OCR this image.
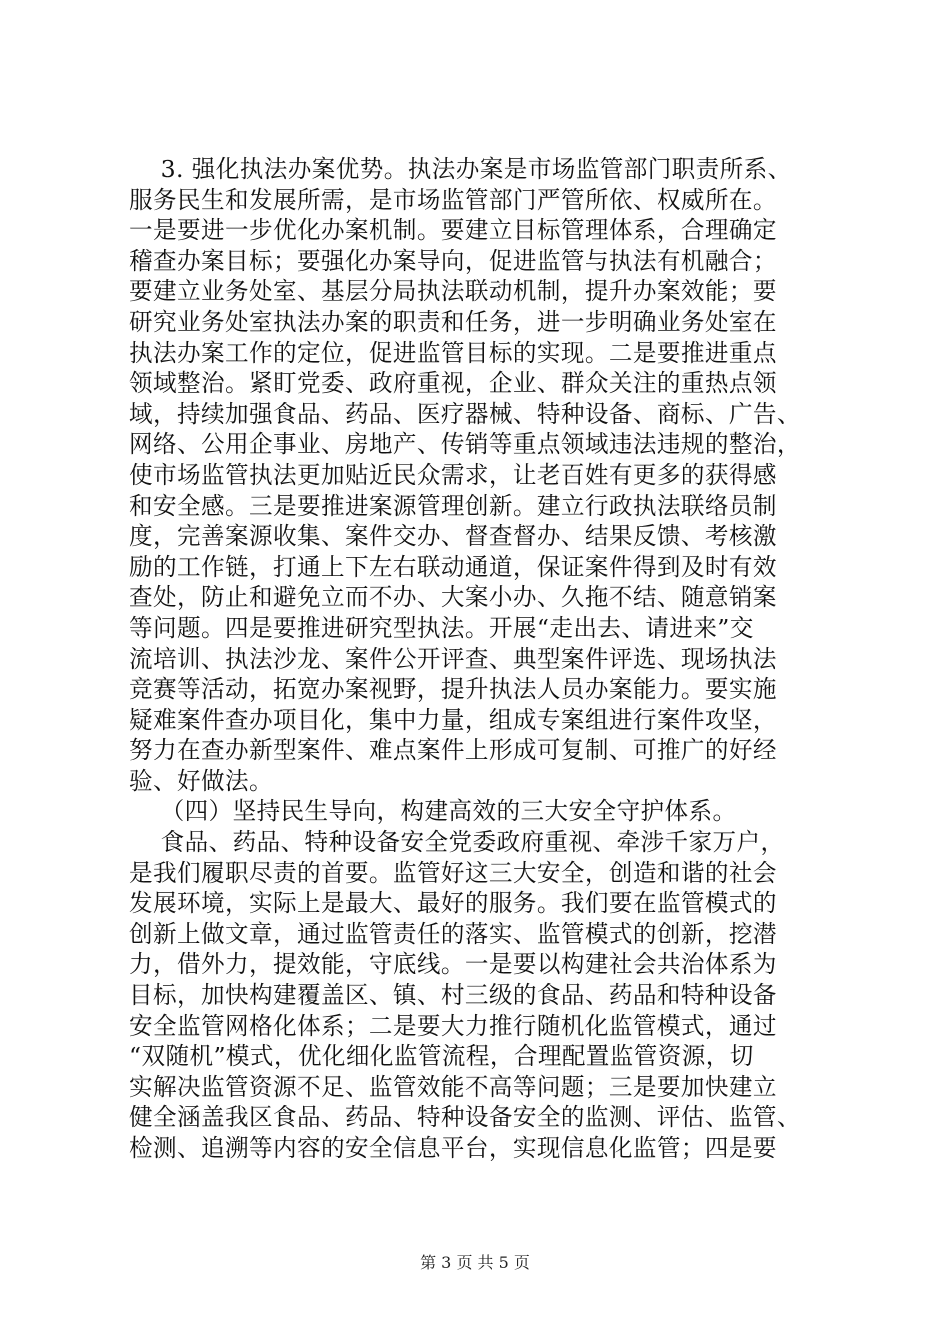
3. 强化执法办案优势。执法办案是市场监管部门职责所系、
服务民生和发展所需，是市场监管部门严管所依、权威所在。
一是要进一步优化办案机制。要建立目标管理体系，合理确定
稽查办案目标；要强化办案导向，促进监管与执法有机融合；
要建立业务处室、基层分局执法联动机制，提升办案效能；要
研究业务处室执法办案的职责和任务，进一步明确业务处室在
执法办案工作的定位，促进监管目标的实现。二是要推进重点
领域整治。紧盯党委、政府重视，企业、群众关注的重热点领
域，持续加强食品、药品、医疗器械、特种设备、商标、广告、
网络、公用企事业、房地产、传销等重点领域违法违规的整治，
使市场监管执法更加贴近民众需求，让老百姓有更多的获得感
和安全感。三是要推进案源管理创新。建立行政执法联络员制
度，完善案源收集、案件交办、督查督办、结果反馈、考核激
励的工作链，打通上下左右联动通道，保证案件得到及时有效
查处，防止和避免立而不办、大案小办、久拖不结、随意销案
等问题。四是要推进研究型执法。开展“走出去、请进来”交
流培训、执法沙龙、案件公开评查、典型案件评选、现场执法
竞赛等活动，拓宽办案视野，提升执法人员办案能力。要实施
疑难案件查办项目化，集中力量，组成专案组进行案件攻坚，
努力在查办新型案件、难点案件上形成可复制、可推广的好经
验、好做法。
（四）坚持民生导向，构建高效的三大安全守护体系。
食品、药品、特种设备安全党委政府重视、牵涉千家万户，
是我们履职尽责的首要。监管好这三大安全，创造和谐的社会
发展环境，实际上是最大、最好的服务。我们要在监管模式的
创新上做文章，通过监管责任的落实、监管模式的创新，挖潜
力，借外力，提效能，守底线。一是要以构建社会共治体系为
目标，加快构建覆盖区、镇、村三级的食品、药品和特种设备
安全监管网格化体系；二是要大力推行随机化监管模式，通过
“双随机”模式，优化细化监管流程，合理配置监管资源，切
实解决监管资源不足、监管效能不高等问题；三是要加快建立
健全涵盖我区食品、药品、特种设备安全的监测、评估、监管、
检测、追溯等内容的安全信息平台，实现信息化监管；四是要
第 3 页 共 5 页
